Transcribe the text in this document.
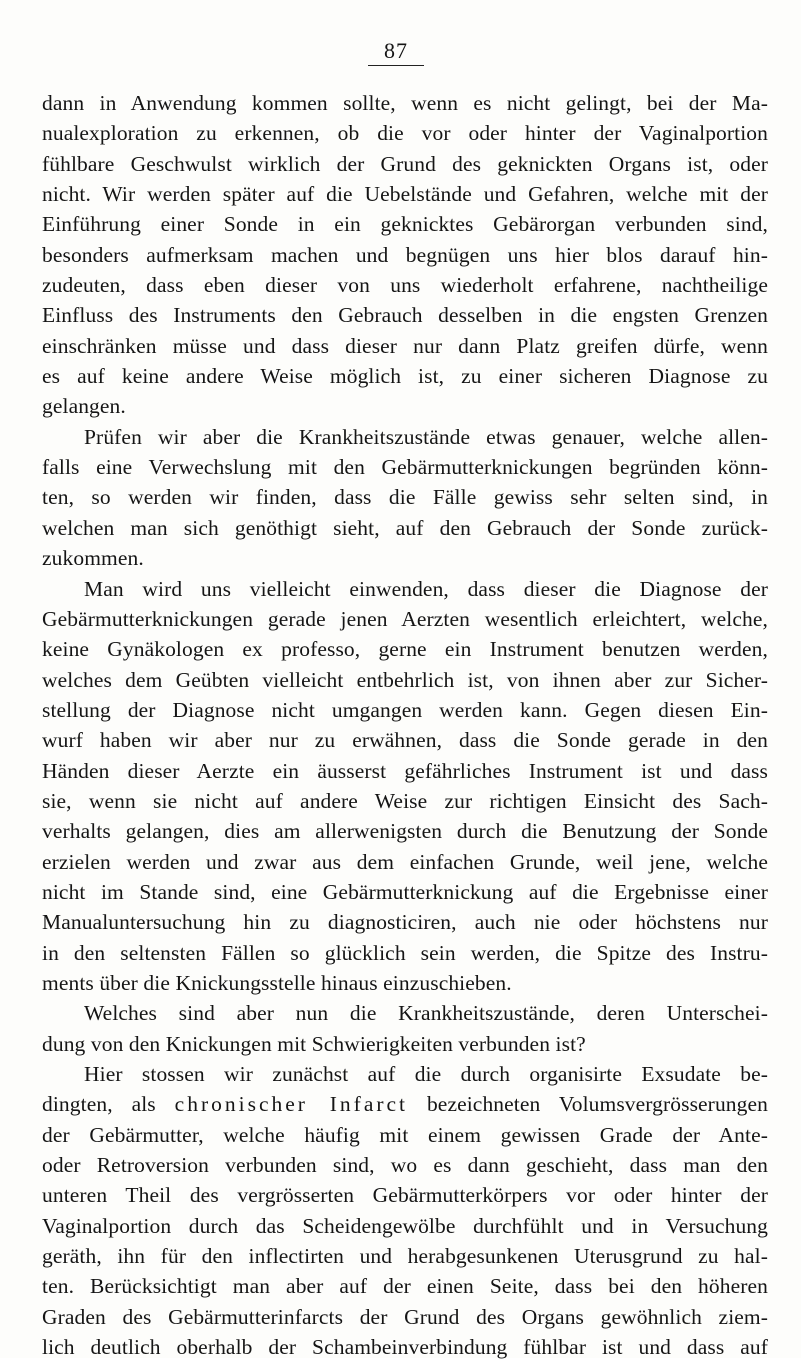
87
dann in Anwendung kommen sollte, wenn es nicht gelingt, bei der Ma-
nualexploration zu erkennen, ob die vor oder hinter der Vaginalportion
fühlbare Geschwulst wirklich der Grund des geknickten Organs ist, oder
nicht. Wir werden später auf die Uebelstände und Gefahren, welche mit der
Einführung einer Sonde in ein geknicktes Gebärorgan verbunden sind,
besonders aufmerksam machen und begnügen uns hier blos darauf hin-
zudeuten, dass eben dieser von uns wiederholt erfahrene, nachtheilige
Einfluss des Instruments den Gebrauch desselben in die engsten Grenzen
einschränken müsse und dass dieser nur dann Platz greifen dürfe, wenn
es auf keine andere Weise möglich ist, zu einer sicheren Diagnose zu
gelangen.
Prüfen wir aber die Krankheitszustände etwas genauer, welche allen-
falls eine Verwechslung mit den Gebärmutterknickungen begründen könn-
ten, so werden wir finden, dass die Fälle gewiss sehr selten sind, in
welchen man sich genöthigt sieht, auf den Gebrauch der Sonde zurück-
zukommen.
Man wird uns vielleicht einwenden, dass dieser die Diagnose der
Gebärmutterknickungen gerade jenen Aerzten wesentlich erleichtert, welche,
keine Gynäkologen ex professo, gerne ein Instrument benutzen werden,
welches dem Geübten vielleicht entbehrlich ist, von ihnen aber zur Sicher-
stellung der Diagnose nicht umgangen werden kann. Gegen diesen Ein-
wurf haben wir aber nur zu erwähnen, dass die Sonde gerade in den
Händen dieser Aerzte ein äusserst gefährliches Instrument ist und dass
sie, wenn sie nicht auf andere Weise zur richtigen Einsicht des Sach-
verhalts gelangen, dies am allerwenigsten durch die Benutzung der Sonde
erzielen werden und zwar aus dem einfachen Grunde, weil jene, welche
nicht im Stande sind, eine Gebärmutterknickung auf die Ergebnisse einer
Manualuntersuchung hin zu diagnosticiren, auch nie oder höchstens nur
in den seltensten Fällen so glücklich sein werden, die Spitze des Instru-
ments über die Knickungsstelle hinaus einzuschieben.
Welches sind aber nun die Krankheitszustände, deren Unterschei-
dung von den Knickungen mit Schwierigkeiten verbunden ist?
Hier stossen wir zunächst auf die durch organisirte Exsudate be-
dingten, als chronischer Infarct bezeichneten Volumsvergrösserungen
der Gebärmutter, welche häufig mit einem gewissen Grade der Ante-
oder Retroversion verbunden sind, wo es dann geschieht, dass man den
unteren Theil des vergrösserten Gebärmutterkörpers vor oder hinter der
Vaginalportion durch das Scheidengewölbe durchfühlt und in Versuchung
geräth, ihn für den inflectirten und herabgesunkenen Uterusgrund zu hal-
ten. Berücksichtigt man aber auf der einen Seite, dass bei den höheren
Graden des Gebärmutterinfarcts der Grund des Organs gewöhnlich ziem-
lich deutlich oberhalb der Schambeinverbindung fühlbar ist und dass auf
